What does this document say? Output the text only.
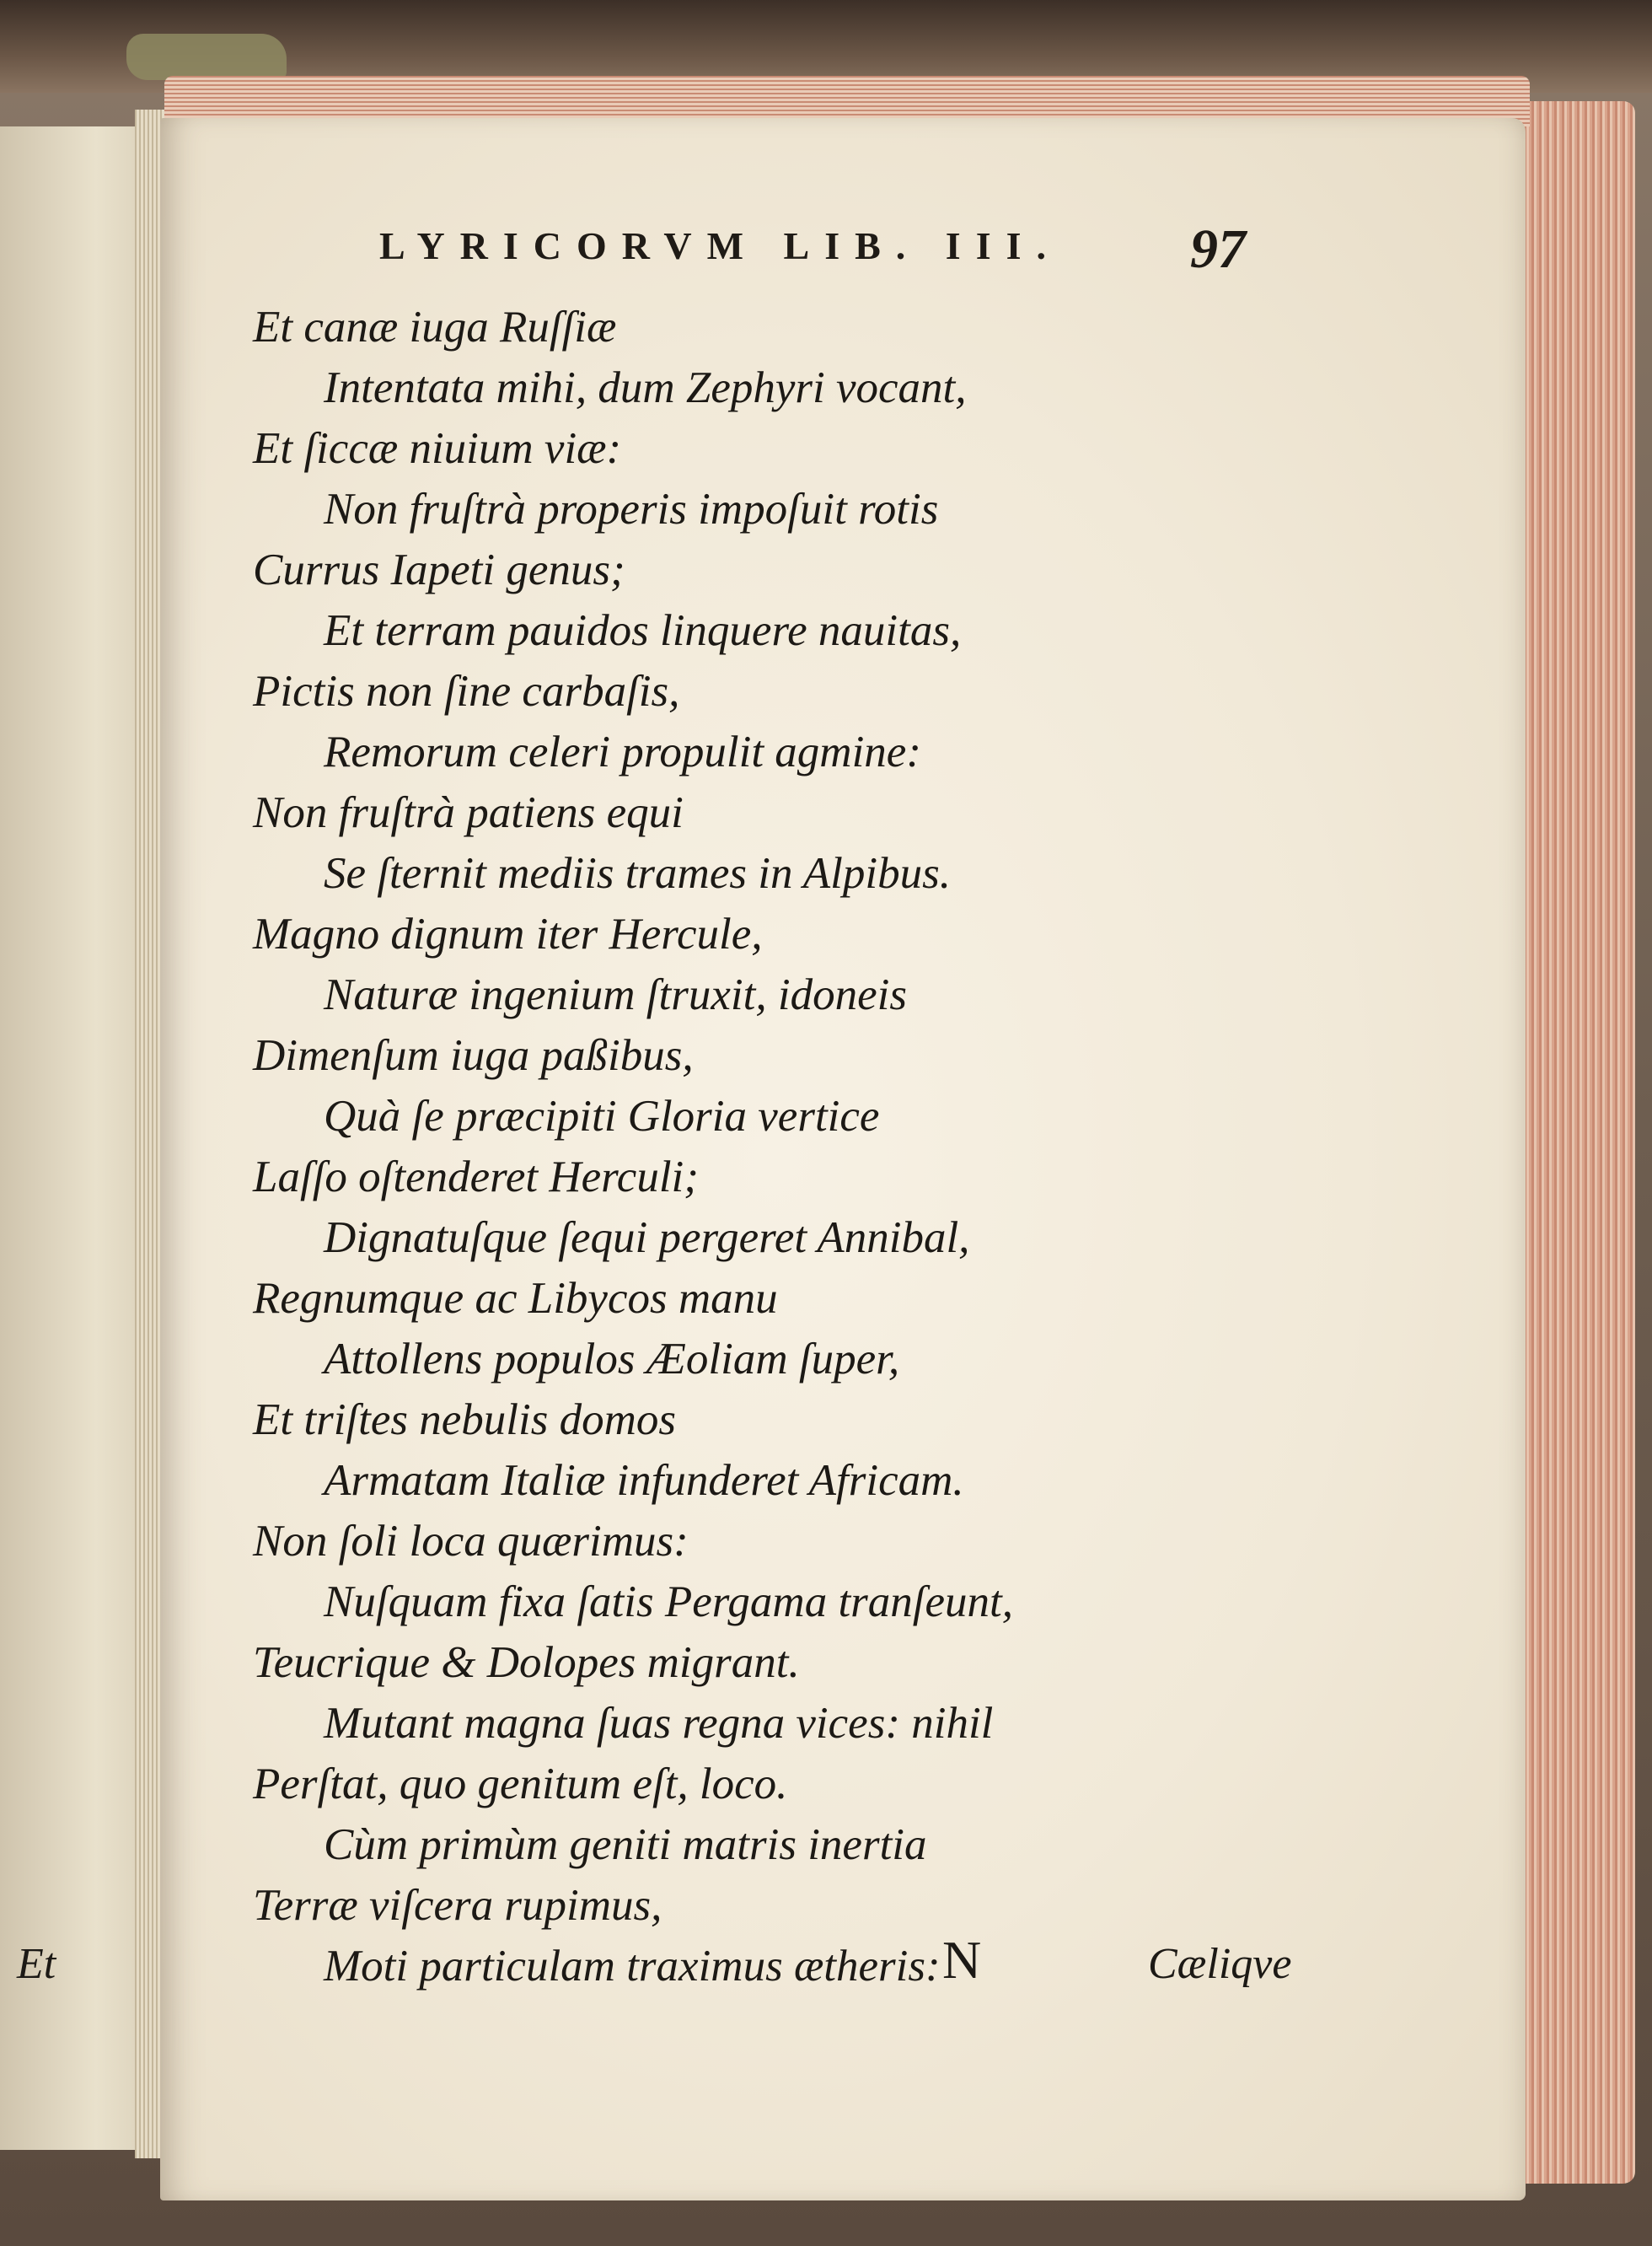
LYRICORVM LIB. III. 97
Et canæ iuga Ruſſiæ
Intentata mihi, dum Zephyri vocant,
Et ſiccæ niuium viæ:
Non fruſtrà properis impoſuit rotis
Currus Iapeti genus;
Et terram pauidos linquere nauitas,
Pictis non ſine carbaſis,
Remorum celeri propulit agmine:
Non fruſtrà patiens equi
Se ſternit mediis trames in Alpibus.
Magno dignum iter Hercule,
Naturæ ingenium ſtruxit, idoneis
Dimenſum iuga paßibus,
Quà ſe præcipiti Gloria vertice
Laſſo oſtenderet Herculi;
Dignatuſque ſequi pergeret Annibal,
Regnumque ac Libycos manu
Attollens populos Æoliam ſuper,
Et triſtes nebulis domos
Armatam Italiæ infunderet Africam.
Non ſoli loca quærimus:
Nuſquam fixa ſatis Pergama tranſeunt,
Teucrique & Dolopes migrant.
Mutant magna ſuas regna vices: nihil
Perſtat, quo genitum eſt, loco.
Cùm primùm geniti matris inertia
Terræ viſcera rupimus,
Moti particulam traximus ætheris:
Et	N	Cæliqve
